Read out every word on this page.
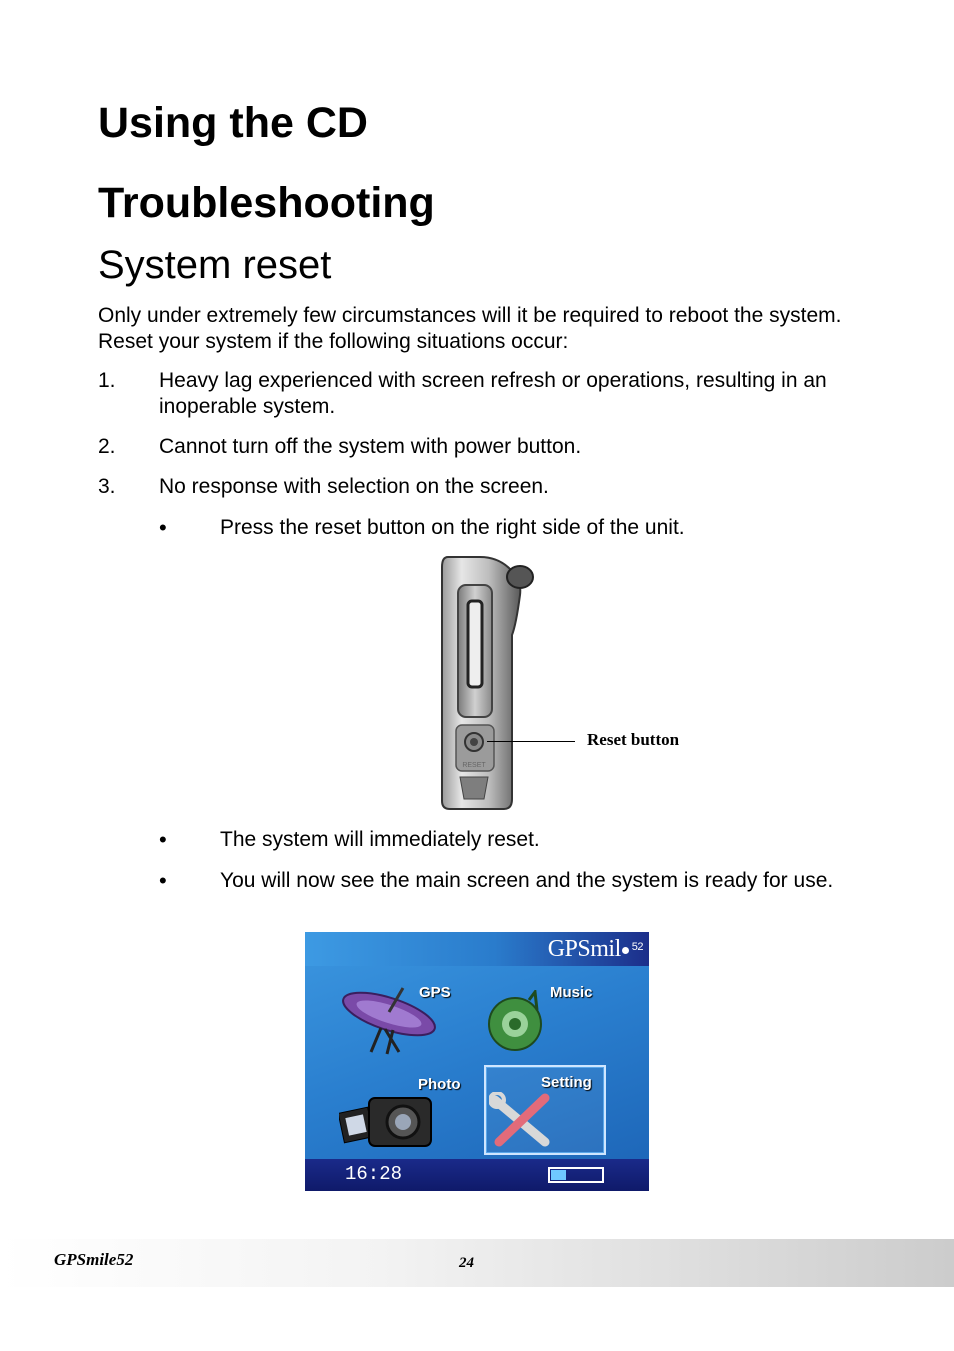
Using the CD
Troubleshooting
System reset
Only under extremely few circumstances will it be required to reboot the system. Reset your system if the following situations occur:
1. Heavy lag experienced with screen refresh or operations, resulting in an inoperable system.
2. Cannot turn off the system with power button.
3. No response with selection on the screen.
•	Press the reset button on the right side of the unit.
RESET
Reset button
•	The system will immediately reset.
•	You will now see the main screen and the system is ready for use.
GPSmil $^{52}$
GPS	Music
Photo	Setting
16:28
GPSmile52	24
